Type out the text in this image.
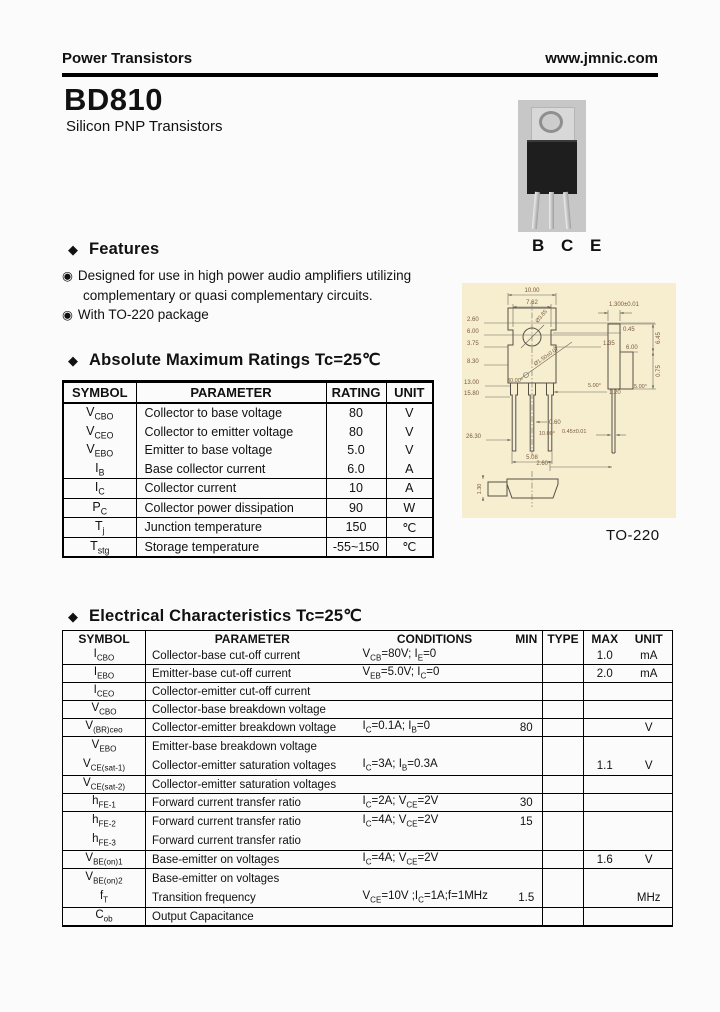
Power Transistors	www.jmnic.com
BD810
Silicon PNP Transistors
B C E
◆ Features
◉ Designed for use in high power audio amplifiers utilizing
complementary or quasi complementary circuits.
◉ With TO-220 package
◆ Absolute Maximum Ratings Tc=25℃
SYMBOL	PARAMETER	RATING	UNIT
$V_{CBO}$	Collector to base voltage	80	V
$V_{CEO}$	Collector to emitter voltage	80	V
$V_{EBO}$	Emitter to base voltage	5.0	V
$I_B$	Base collector current	6.0	A
$I_C$	Collector current	10	A
$P_C$	Collector power dissipation	90	W
$T_j$	Junction temperature	150	℃
$T_{stg}$	Storage temperature	-55~150	℃
10.00
7.62
2.60
6.00
3.75
8.30
13.00
15.80
26.30
0.45
1.35
1.20
Ø3.85
Ø1.50±0.07
30.00°
5.08
0.60
10.00°
1.300±0.01
6.45
6.00
0.75
5.00°	5.00°
0.45±0.01
2.60
1.30
TO-220
◆ Electrical Characteristics Tc=25℃
SYMBOL	PARAMETER	CONDITIONS	MIN	TYPE	MAX	UNIT
$I_{CBO}$	Collector-base cut-off current	$V_{CB}=80V$; $I_E=0$			1.0	mA
$I_{EBO}$	Emitter-base cut-off current	$V_{EB}=5.0V$; $I_C=0$			2.0	mA
$I_{CEO}$	Collector-emitter cut-off current					
$V_{CBO}$	Collector-base breakdown voltage					
$V_{(BR)ceo}$	Collector-emitter breakdown voltage	$I_C=0.1A$; $I_B=0$	80			V
$V_{EBO}$	Emitter-base breakdown voltage					
$V_{CE(sat-1)}$	Collector-emitter saturation voltages	$I_C=3A$; $I_B=0.3A$			1.1	V
$V_{CE(sat-2)}$	Collector-emitter saturation voltages					
$h_{FE-1}$	Forward current transfer ratio	$I_C=2A$; $V_{CE}=2V$	30			
$h_{FE-2}$	Forward current transfer ratio	$I_C=4A$; $V_{CE}=2V$	15			
$h_{FE-3}$	Forward current transfer ratio					
$V_{BE(on)1}$	Base-emitter on voltages	$I_C=4A$; $V_{CE}=2V$			1.6	V
$V_{BE(on)2}$	Base-emitter on voltages					
$f_T$	Transition frequency	$V_{CE}=10V$ $;I_C=1A;f=1MHz$	1.5			MHz
$C_{ob}$	Output Capacitance					
